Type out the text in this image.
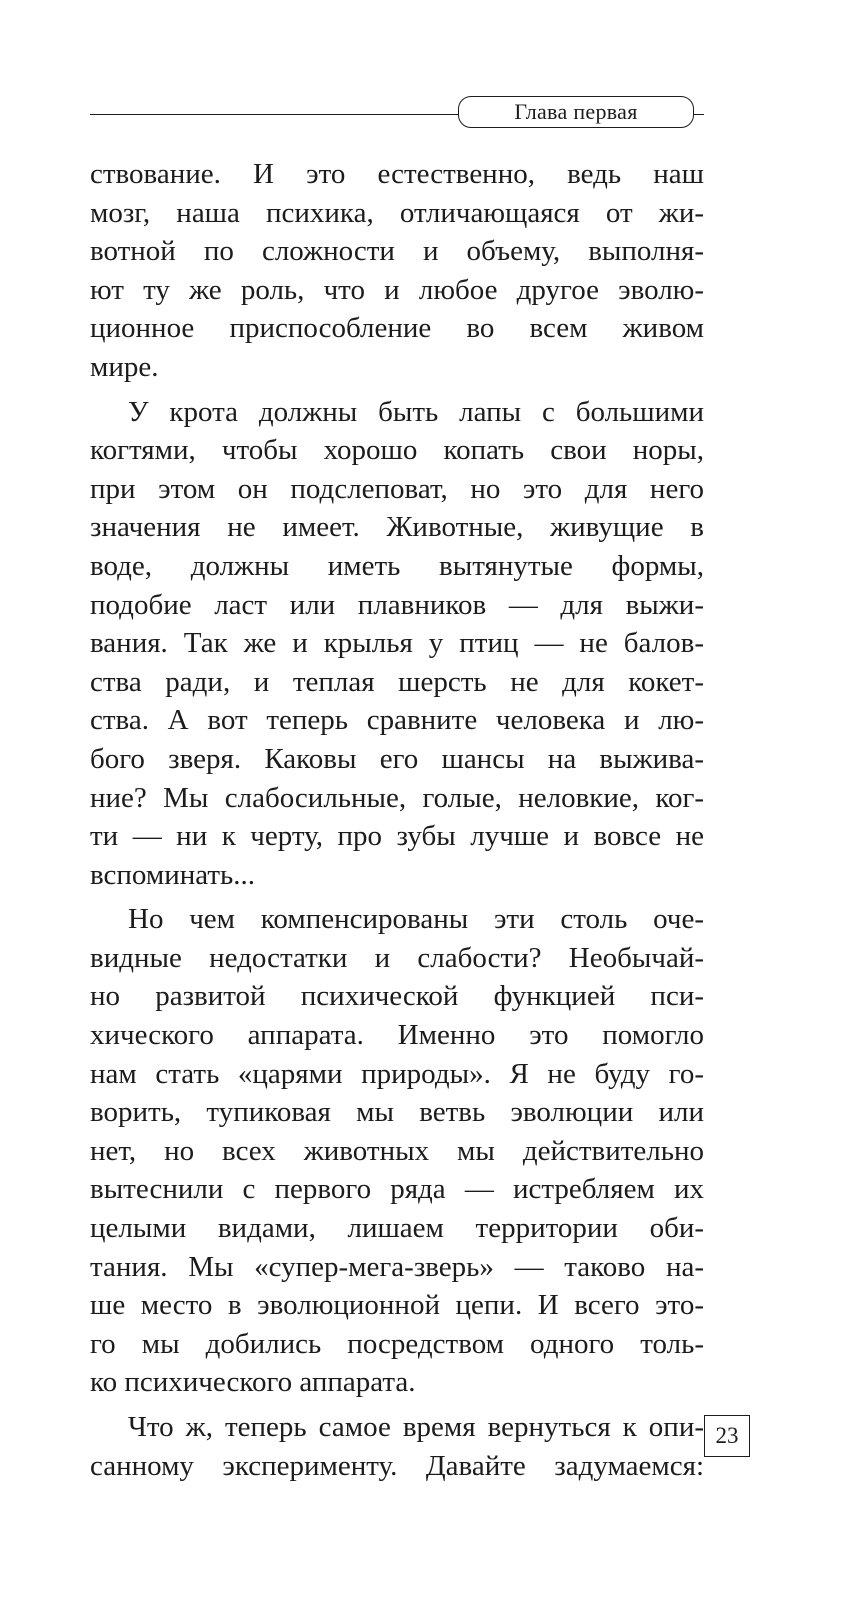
Глава первая
ствование. И это естественно, ведь наш
мозг, наша психика, отличающаяся от жи-
вотной по сложности и объему, выполня-
ют ту же роль, что и любое другое эволю-
ционное приспособление во всем живом
мире.
У крота должны быть лапы с большими
когтями, чтобы хорошо копать свои норы,
при этом он подслеповат, но это для него
значения не имеет. Животные, живущие в
воде, должны иметь вытянутые формы,
подобие ласт или плавников — для выжи-
вания. Так же и крылья у птиц — не балов-
ства ради, и теплая шерсть не для кокет-
ства. А вот теперь сравните человека и лю-
бого зверя. Каковы его шансы на выжива-
ние? Мы слабосильные, голые, неловкие, ког-
ти — ни к черту, про зубы лучше и вовсе не
вспоминать...
Но чем компенсированы эти столь оче-
видные недостатки и слабости? Необычай-
но развитой психической функцией пси-
хического аппарата. Именно это помогло
нам стать «царями природы». Я не буду го-
ворить, тупиковая мы ветвь эволюции или
нет, но всех животных мы действительно
вытеснили с первого ряда — истребляем их
целыми видами, лишаем территории оби-
тания. Мы «супер-мега-зверь» — таково на-
ше место в эволюционной цепи. И всего это-
го мы добились посредством одного толь-
ко психического аппарата.
Что ж, теперь самое время вернуться к опи-
санному эксперименту. Давайте задумаемся:
23
